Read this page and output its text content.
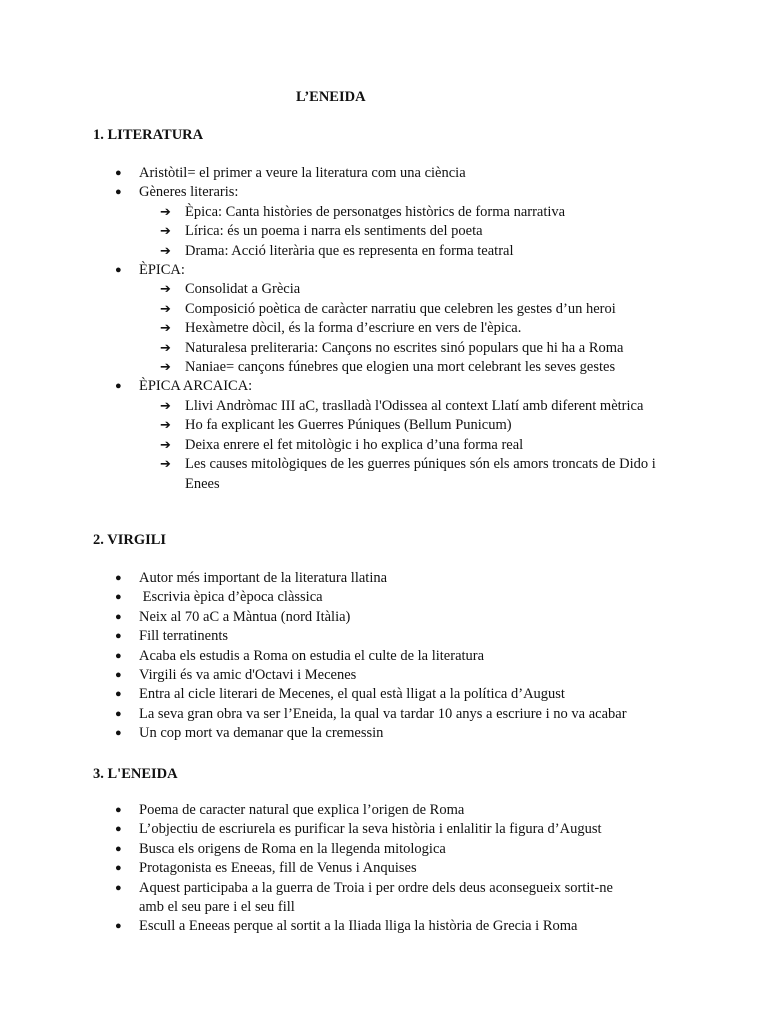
L’ENEIDA
1. LITERATURA
● Aristòtil= el primer a veure la literatura com una ciència
● Gèneres literaris:
➔ Èpica: Canta històries de personatges històrics de forma narrativa
➔ Lírica: és un poema i narra els sentiments del poeta
➔ Drama: Acció literària que es representa en forma teatral
● ÈPICA:
➔ Consolidat a Grècia
➔ Composició poètica de caràcter narratiu que celebren les gestes d’un heroi
➔ Hexàmetre dòcil, és la forma d’escriure en vers de l'èpica.
➔ Naturalesa preliteraria: Cançons no escrites sinó populars que hi ha a Roma
➔ Naniae= cançons fúnebres que elogien una mort celebrant les seves gestes
● ÈPICA ARCAICA:
➔ Llivi Andròmac III aC, traslladà l'Odissea al context Llatí amb diferent mètrica
➔ Ho fa explicant les Guerres Púniques (Bellum Punicum)
➔ Deixa enrere el fet mitològic i ho explica d’una forma real
➔ Les causes mitològiques de les guerres púniques són els amors troncats de Dido i Enees
2. VIRGILI
● Autor més important de la literatura llatina
● Escrivia èpica d’època clàssica
● Neix al 70 aC a Màntua (nord Itàlia)
● Fill terratinents
● Acaba els estudis a Roma on estudia el culte de la literatura
● Virgili és va amic d'Octavi i Mecenes
● Entra al cicle literari de Mecenes, el qual està lligat a la política d’August
● La seva gran obra va ser l’Eneida, la qual va tardar 10 anys a escriure i no va acabar
● Un cop mort va demanar que la cremessin
3. L'ENEIDA
● Poema de caracter natural que explica l’origen de Roma
● L’objectiu de escriurela es purificar la seva història i enlalitir la figura d’August
● Busca els origens de Roma en la llegenda mitologica
● Protagonista es Eneeas, fill de Venus i Anquises
● Aquest participaba a la guerra de Troia i per ordre dels deus aconsegueix sortit-ne
amb el seu pare i el seu fill
● Escull a Eneeas perque al sortit a la Iliada lliga la història de Grecia i Roma
